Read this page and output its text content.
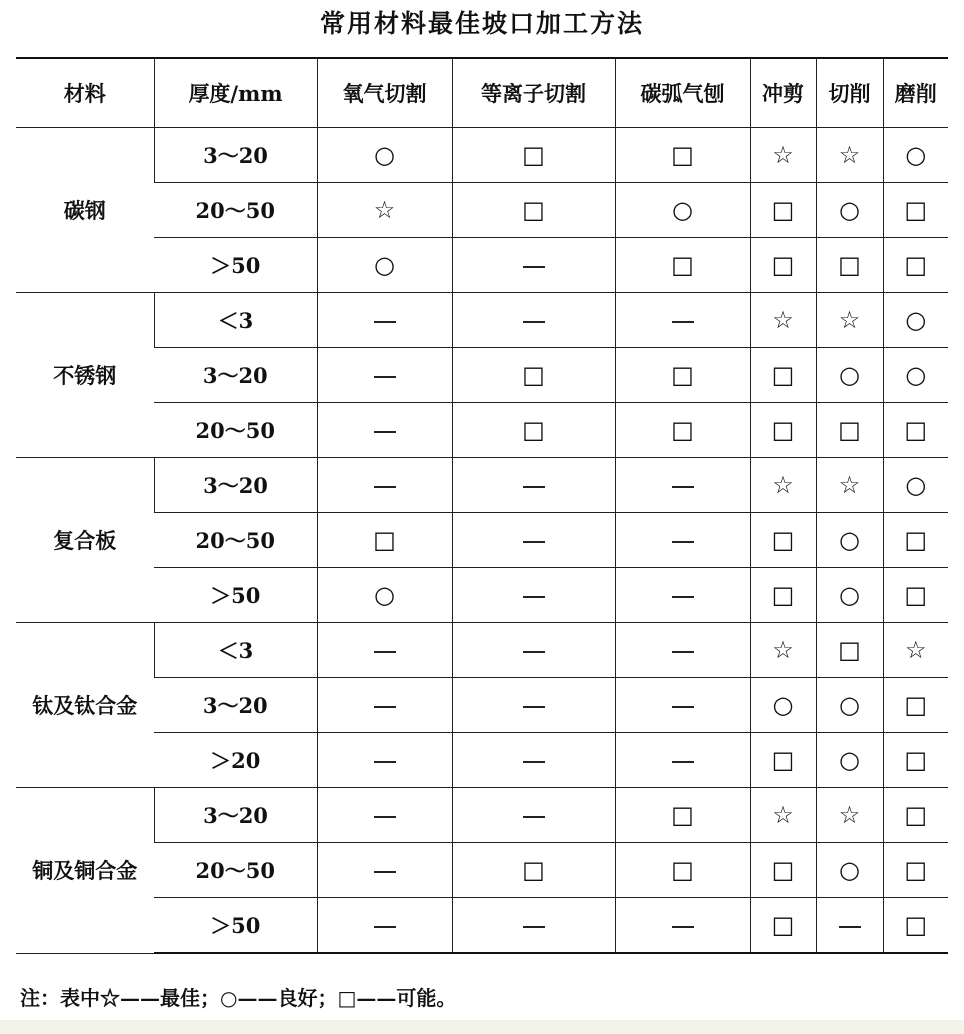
常用材料最佳坡口加工方法
材料	厚度/mm	氧气切割	等离子切割	碳弧气刨	冲剪	切削	磨削
碳钢	3～20	○	□	□	☆	☆	○
	20～50	☆	□	○	□	○	□
	＞50	○		□	□	□	□
不锈钢	＜3				☆	☆	○
	3～20		□	□	□	○	○
	20～50		□	□	□	□	□
复合板	3～20				☆	☆	○
	20～50	□			□	○	□
	＞50	○			□	○	□
钛及钛合金	＜3				☆	□	☆
	3～20				○	○	□
	＞20				□	○	□
铜及铜合金	3～20			□	☆	☆	□
	20～50		□	□	□	○	□
	＞50				□		□
注：表中☆——最佳；○——良好；□——可能。
